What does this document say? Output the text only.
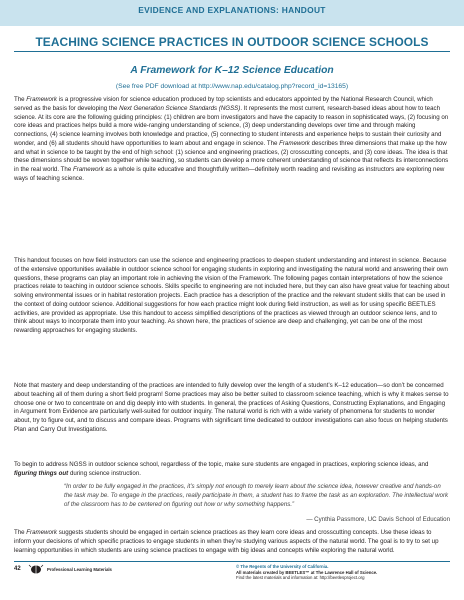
EVIDENCE AND EXPLANATIONS: HANDOUT
TEACHING SCIENCE PRACTICES IN OUTDOOR SCIENCE SCHOOLS
A Framework for K–12 Science Education
(See free PDF download at http://www.nap.edu/catalog.php?record_id=13165)

The Framework is a progressive vision for science education produced by top scientists and educators appointed by the National Research Council, which served as the basis for developing the Next Generation Science Standards (NGSS). It represents the most current, research-based ideas about how to teach science. At its core are the following guiding principles: (1) children are born investigators and have the capacity to reason in sophisticated ways, (2) focusing on core ideas and practices helps build a more wide-ranging understanding of science, (3) deep understanding develops over time and through making connections, (4) science learning involves both knowledge and practice, (5) connecting to student interests and experience helps to sustain their curiosity and wonder, and (6) all students should have opportunities to learn about and engage in science. The Framework describes three dimensions that make up the how and what in science to be taught by the end of high school: (1) science and engineering practices, (2) crosscutting concepts, and (3) core ideas. The idea is that these dimensions should be woven together while teaching, so students can develop a more coherent understanding of science that reflects its interconnections in the real world. The Framework as a whole is quite educative and thoughtfully written—definitely worth reading and revisiting as instructors are exploring new ways of teaching science.

This handout focuses on how field instructors can use the science and engineering practices to deepen student understanding and interest in science. Because of the extensive opportunities available in outdoor science school for engaging students in exploring and investigating the natural world and answering their own questions, these programs can play an important role in achieving the vision of the Framework. The following pages contain interpretations of how the science practices relate to teaching in outdoor science schools. Skills specific to engineering are not included here, but they can also have great value for teaching about solving environmental issues or in habitat restoration projects. Each practice has a description of the practice and the relevant student skills that can be used in the context of doing outdoor science. Additional suggestions for how each practice might look during field instruction, as well as for using specific BEETLES activities, are provided as appropriate. Use this handout to access simplified descriptions of the practices as viewed through an outdoor science lens, and to think about ways to incorporate them into your teaching. As shown here, the practices of science are deep and challenging, yet can be one of the most rewarding approaches for engaging students.

Note that mastery and deep understanding of the practices are intended to fully develop over the length of a student’s K–12 education—so don’t be concerned about teaching all of them during a short field program! Some practices may also be better suited to classroom science teaching, which is why it makes sense to choose one or two to concentrate on and dig deeply into with students. In general, the practices of Asking Questions, Constructing Explanations, and Engaging in Argument from Evidence are particularly well-suited for outdoor inquiry. The natural world is rich with a wide variety of phenomena for students to wonder about, try to figure out, and to discuss and compare ideas. Programs with significant time dedicated to outdoor investigations can also focus on helping students Plan and Carry Out Investigations.

To begin to address NGSS in outdoor science school, regardless of the topic, make sure students are engaged in practices, exploring science ideas, and figuring things out during science instruction.

“In order to be fully engaged in the practices, it’s simply not enough to merely learn about the science idea, however creative and hands-on the task may be. To engage in the practices, really participate in them, a student has to frame the task as an exploration. The intellectual work of the classroom has to be centered on figuring out how or why something happens.”

— Cynthia Passmore, UC Davis School of Education

The Framework suggests students should be engaged in certain science practices as they learn core ideas and crosscutting concepts. Use these ideas to inform your decisions of which specific practices to engage students in when they’re studying various aspects of the natural world. The goal is to try to set up learning opportunities in which students are using science practices to engage with big ideas and concepts while exploring the natural world.

42	Professional Learning Materials
© The Regents of the University of California.
All materials created by BEETLES™ at The Lawrence Hall of Science.
Find the latest materials and information at: http://beetlesproject.org
